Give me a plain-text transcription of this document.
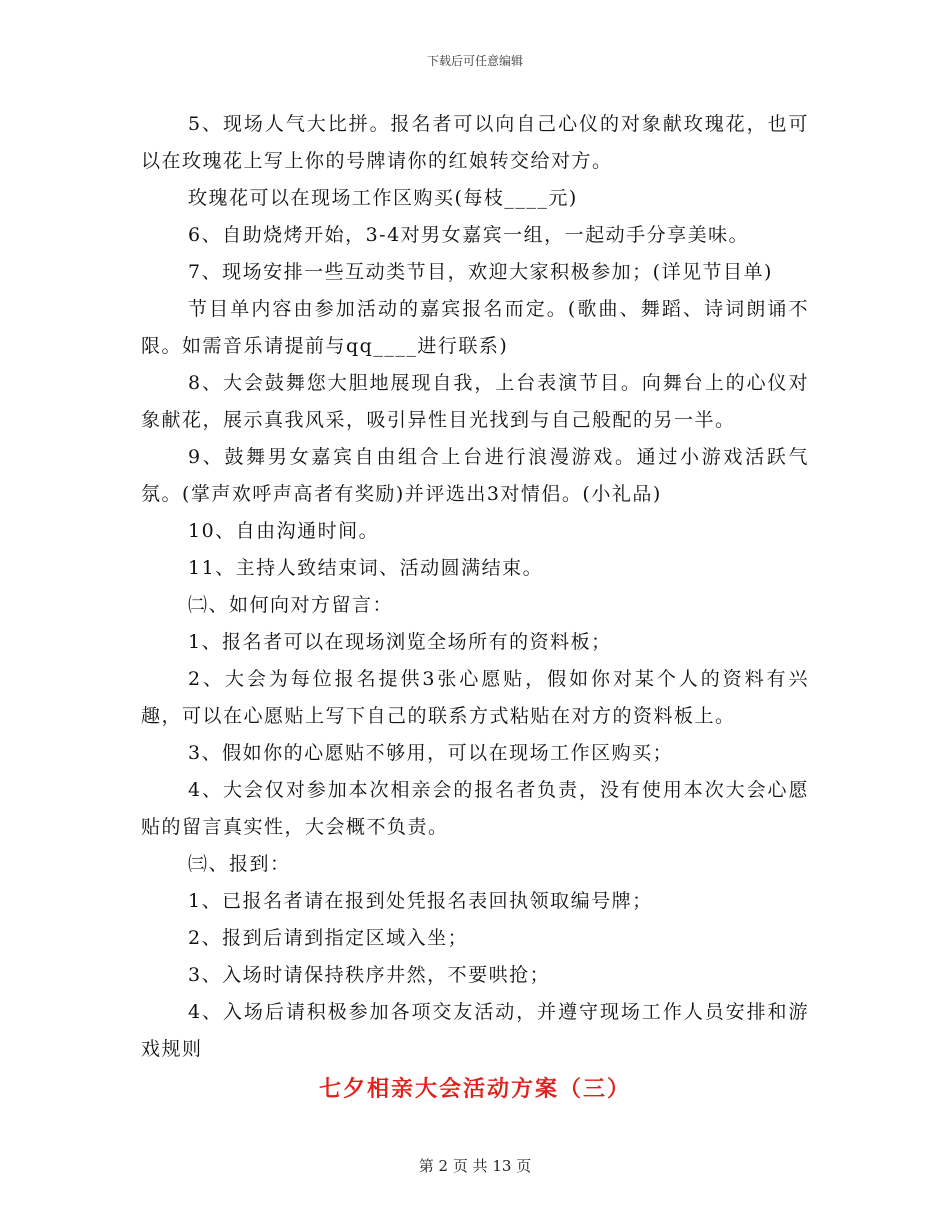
下载后可任意编辑

5、现场人气大比拼。报名者可以向自己心仪的对象献玫瑰花，也可以在玫瑰花上写上你的号牌请你的红娘转交给对方。

玫瑰花可以在现场工作区购买(每枝____元)

6、自助烧烤开始，3-4对男女嘉宾一组，一起动手分享美味。

7、现场安排一些互动类节目，欢迎大家积极参加；(详见节目单)

节目单内容由参加活动的嘉宾报名而定。(歌曲、舞蹈、诗词朗诵不限。如需音乐请提前与qq____进行联系)

8、大会鼓舞您大胆地展现自我，上台表演节目。向舞台上的心仪对象献花，展示真我风采，吸引异性目光找到与自己般配的另一半。

9、鼓舞男女嘉宾自由组合上台进行浪漫游戏。通过小游戏活跃气氛。(掌声欢呼声高者有奖励)并评选出3对情侣。(小礼品)

10、自由沟通时间。

11、主持人致结束词、活动圆满结束。

㈡、如何向对方留言：

1、报名者可以在现场浏览全场所有的资料板；

2、大会为每位报名提供3张心愿贴，假如你对某个人的资料有兴趣，可以在心愿贴上写下自己的联系方式粘贴在对方的资料板上。

3、假如你的心愿贴不够用，可以在现场工作区购买；

4、大会仅对参加本次相亲会的报名者负责，没有使用本次大会心愿贴的留言真实性，大会概不负责。

㈢、报到：

1、已报名者请在报到处凭报名表回执领取编号牌；

2、报到后请到指定区域入坐；

3、入场时请保持秩序井然，不要哄抢；

4、入场后请积极参加各项交友活动，并遵守现场工作人员安排和游戏规则

七夕相亲大会活动方案（三）
第 2 页 共 13 页
